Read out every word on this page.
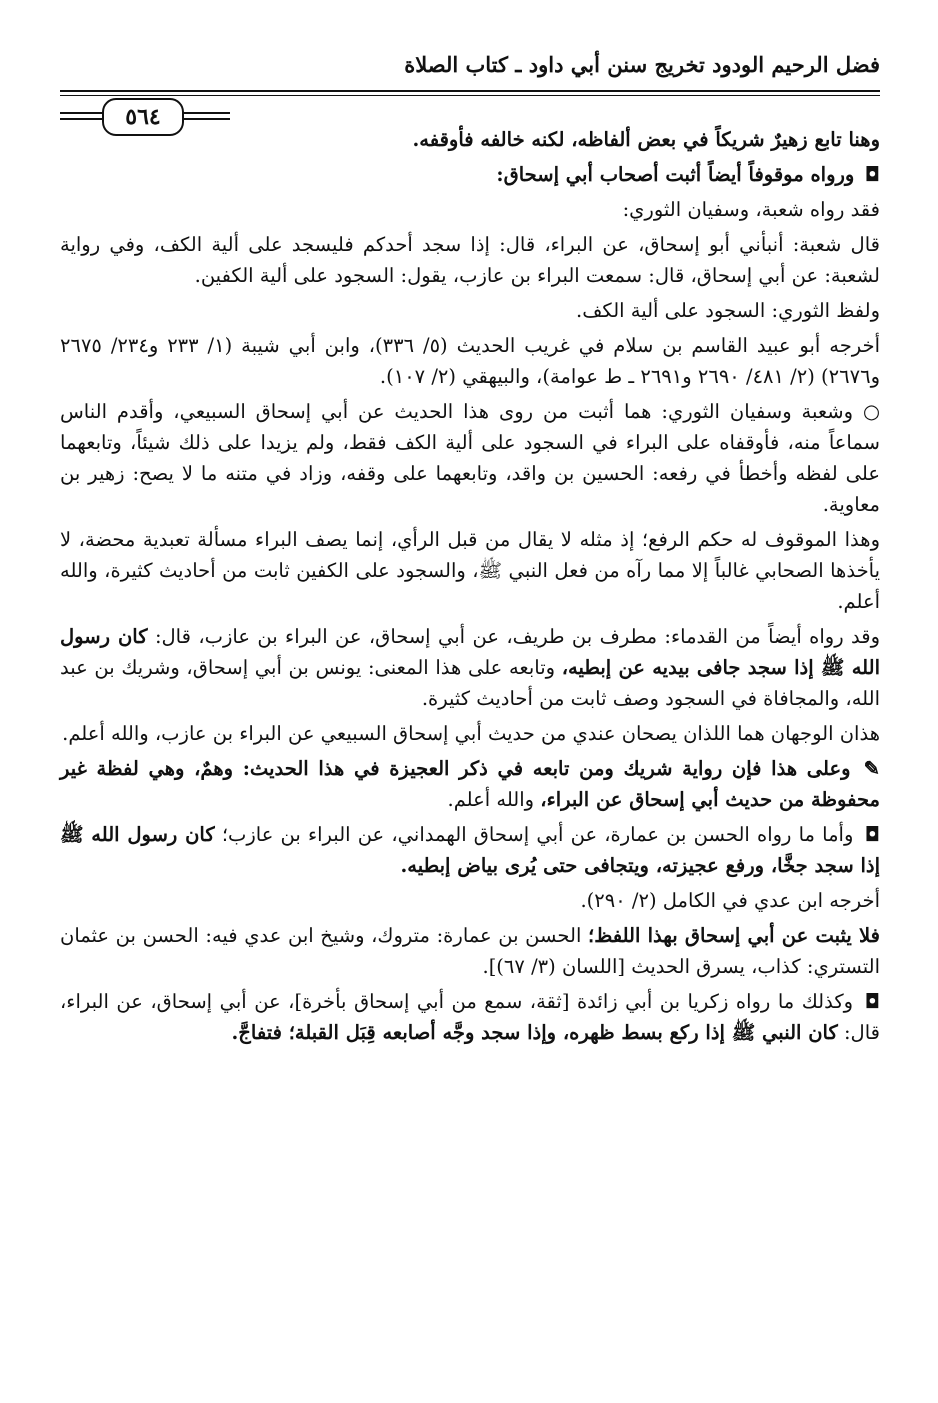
فضل الرحيم الودود تخريج سنن أبي داود ـ كتاب الصلاة
٥٦٤

وهنا تابع زهيرٌ شريكاً في بعض ألفاظه، لكنه خالفه فأوقفه.

◘ ورواه موقوفاً أيضاً أثبت أصحاب أبي إسحاق:

فقد رواه شعبة، وسفيان الثوري:

قال شعبة: أنبأني أبو إسحاق، عن البراء، قال: إذا سجد أحدكم فليسجد على ألية الكف، وفي رواية لشعبة: عن أبي إسحاق، قال: سمعت البراء بن عازب، يقول: السجود على ألية الكفين.

ولفظ الثوري: السجود على ألية الكف.

أخرجه أبو عبيد القاسم بن سلام في غريب الحديث (٥/ ٣٣٦)، وابن أبي شيبة (١/ ٢٣٣ و٢٣٤/ ٢٦٧٥ و٢٦٧٦) (٢/ ٤٨١/ ٢٦٩٠ و٢٦٩١ ـ ط عوامة)، والبيهقي (٢/ ١٠٧).

○ وشعبة وسفيان الثوري: هما أثبت من روى هذا الحديث عن أبي إسحاق السبيعي، وأقدم الناس سماعاً منه، فأوقفاه على البراء في السجود على ألية الكف فقط، ولم يزيدا على ذلك شيئاً، وتابعهما على لفظه وأخطأ في رفعه: الحسين بن واقد، وتابعهما على وقفه، وزاد في متنه ما لا يصح: زهير بن معاوية.

وهذا الموقوف له حكم الرفع؛ إذ مثله لا يقال من قبل الرأي، إنما يصف البراء مسألة تعبدية محضة، لا يأخذها الصحابي غالباً إلا مما رآه من فعل النبي ﷺ، والسجود على الكفين ثابت من أحاديث كثيرة، والله أعلم.

وقد رواه أيضاً من القدماء: مطرف بن طريف، عن أبي إسحاق، عن البراء بن عازب، قال: كان رسول الله ﷺ إذا سجد جافى بيديه عن إبطيه، وتابعه على هذا المعنى: يونس بن أبي إسحاق، وشريك بن عبد الله، والمجافاة في السجود وصف ثابت من أحاديث كثيرة.

هذان الوجهان هما اللذان يصحان عندي من حديث أبي إسحاق السبيعي عن البراء بن عازب، والله أعلم.

✎ وعلى هذا فإن رواية شريك ومن تابعه في ذكر العجيزة في هذا الحديث: وهمٌ، وهي لفظة غير محفوظة من حديث أبي إسحاق عن البراء، والله أعلم.

◘ وأما ما رواه الحسن بن عمارة، عن أبي إسحاق الهمداني، عن البراء بن عازب؛ كان رسول الله ﷺ إذا سجد جخَّا، ورفع عجيزته، ويتجافى حتى يُرى بياض إبطيه.

أخرجه ابن عدي في الكامل (٢/ ٢٩٠).

فلا يثبت عن أبي إسحاق بهذا اللفظ؛ الحسن بن عمارة: متروك، وشيخ ابن عدي فيه: الحسن بن عثمان التستري: كذاب، يسرق الحديث [اللسان (٣/ ٦٧)].

◘ وكذلك ما رواه زكريا بن أبي زائدة [ثقة، سمع من أبي إسحاق بأخرة]، عن أبي إسحاق، عن البراء، قال: كان النبي ﷺ إذا ركع بسط ظهره، وإذا سجد وجَّه أصابعه قِبَل القبلة؛ فتفاجَّ.
